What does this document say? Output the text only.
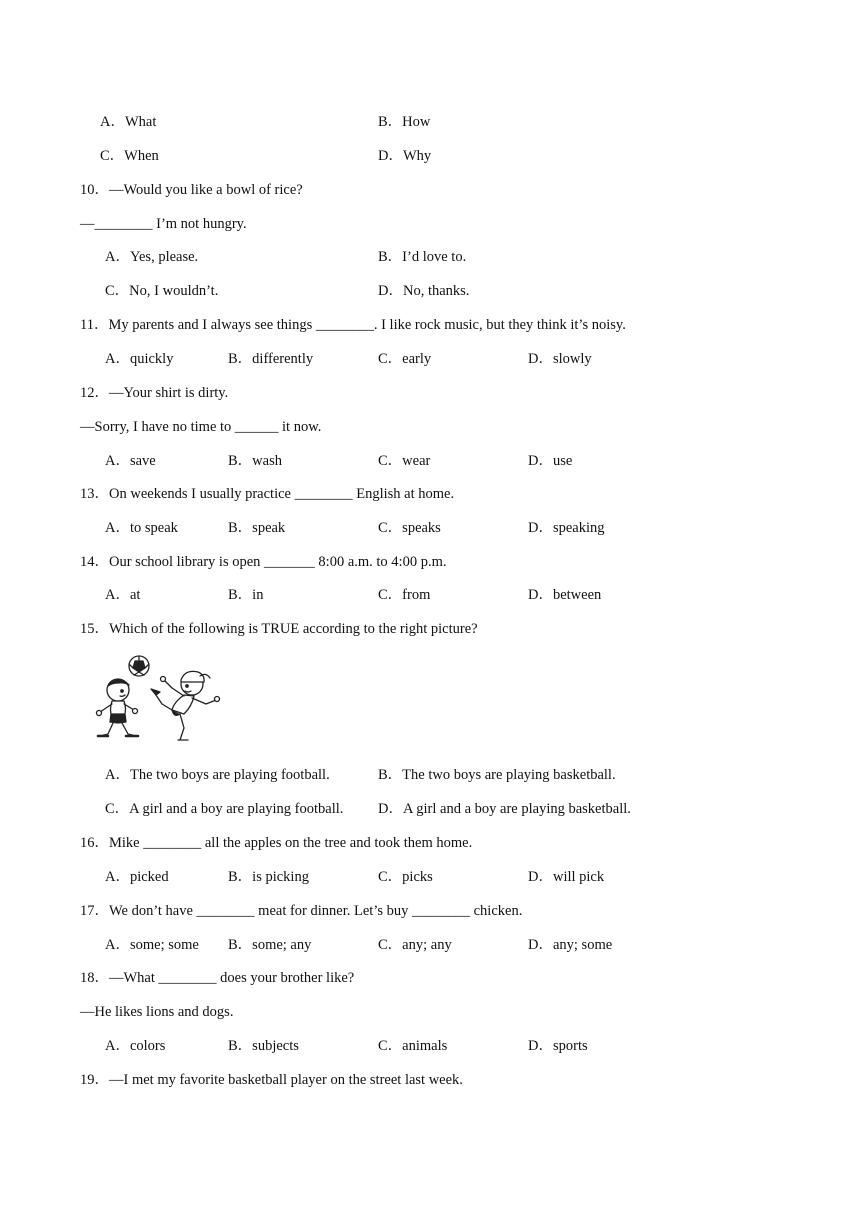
A．What	B．How
C．When	D．Why
10．—Would you like a bowl of rice?
—________ I’m not hungry.
A．Yes, please.	B．I’d love to.
C．No, I wouldn’t.	D．No, thanks.
11．My parents and I always see things ________. I like rock music, but they think it’s noisy.
A．quickly	B．differently	C．early	D．slowly
12．—Your shirt is dirty.
—Sorry, I have no time to ______ it now.
A．save	B．wash	C．wear	D．use
13．On weekends I usually practice ________ English at home.
A．to speak	B．speak	C．speaks	D．speaking
14．Our school library is open _______ 8:00 a.m. to 4:00 p.m.
A．at	B．in	C．from	D．between
15．Which of the following is TRUE according to the right picture?
A．The two boys are playing football.	B．The two boys are playing basketball.
C．A girl and a boy are playing football. D．A girl and a boy are playing basketball.
16．Mike ________ all the apples on the tree and took them home.
A．picked	B．is picking	C．picks	D．will pick
17．We don’t have ________ meat for dinner. Let’s buy ________ chicken.
A．some; some B．some; any	C．any; any	D．any; some
18．—What ________ does your brother like?
—He likes lions and dogs.
A．colors	B．subjects	C．animals	D．sports
19．—I met my favorite basketball player on the street last week.
